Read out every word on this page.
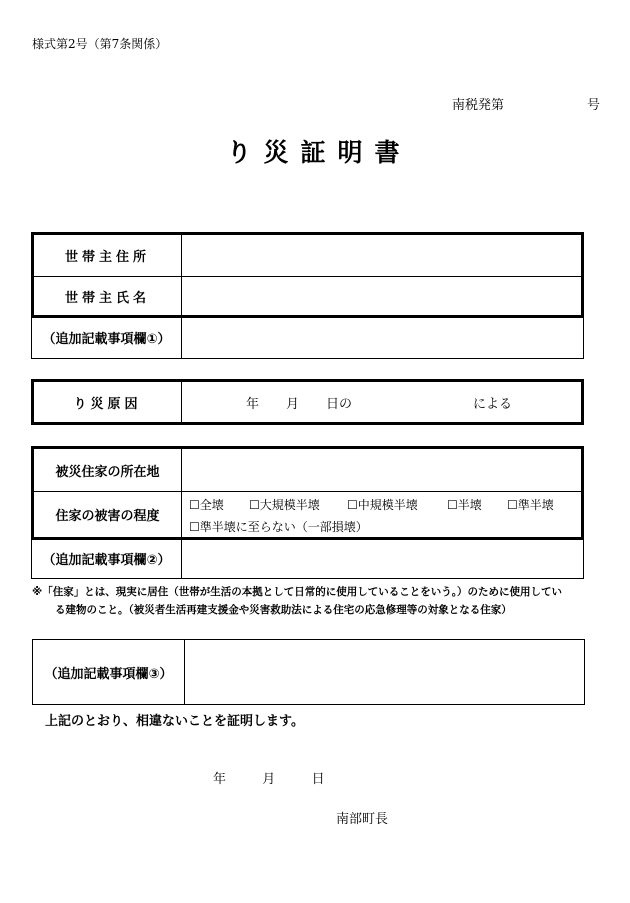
様式第2号（第7条関係）
南税発第	号
り災証明書
世帯主住所
世帯主氏名
（追加記載事項欄①）
り災原因	年 月 日の	による
被災住家の所在地
住家の被害の程度
☐全壊 ☐大規模半壊 ☐中規模半壊 ☐半壊 ☐準半壊
☐準半壊に至らない（一部損壊）
（追加記載事項欄②）
※「住家」とは、現実に居住（世帯が生活の本拠として日常的に使用していることをいう。）のために使用してい
る建物のこと。（被災者生活再建支援金や災害救助法による住宅の応急修理等の対象となる住家）
（追加記載事項欄③）
上記のとおり、相違ないことを証明します。
年	月	日
南部町長
